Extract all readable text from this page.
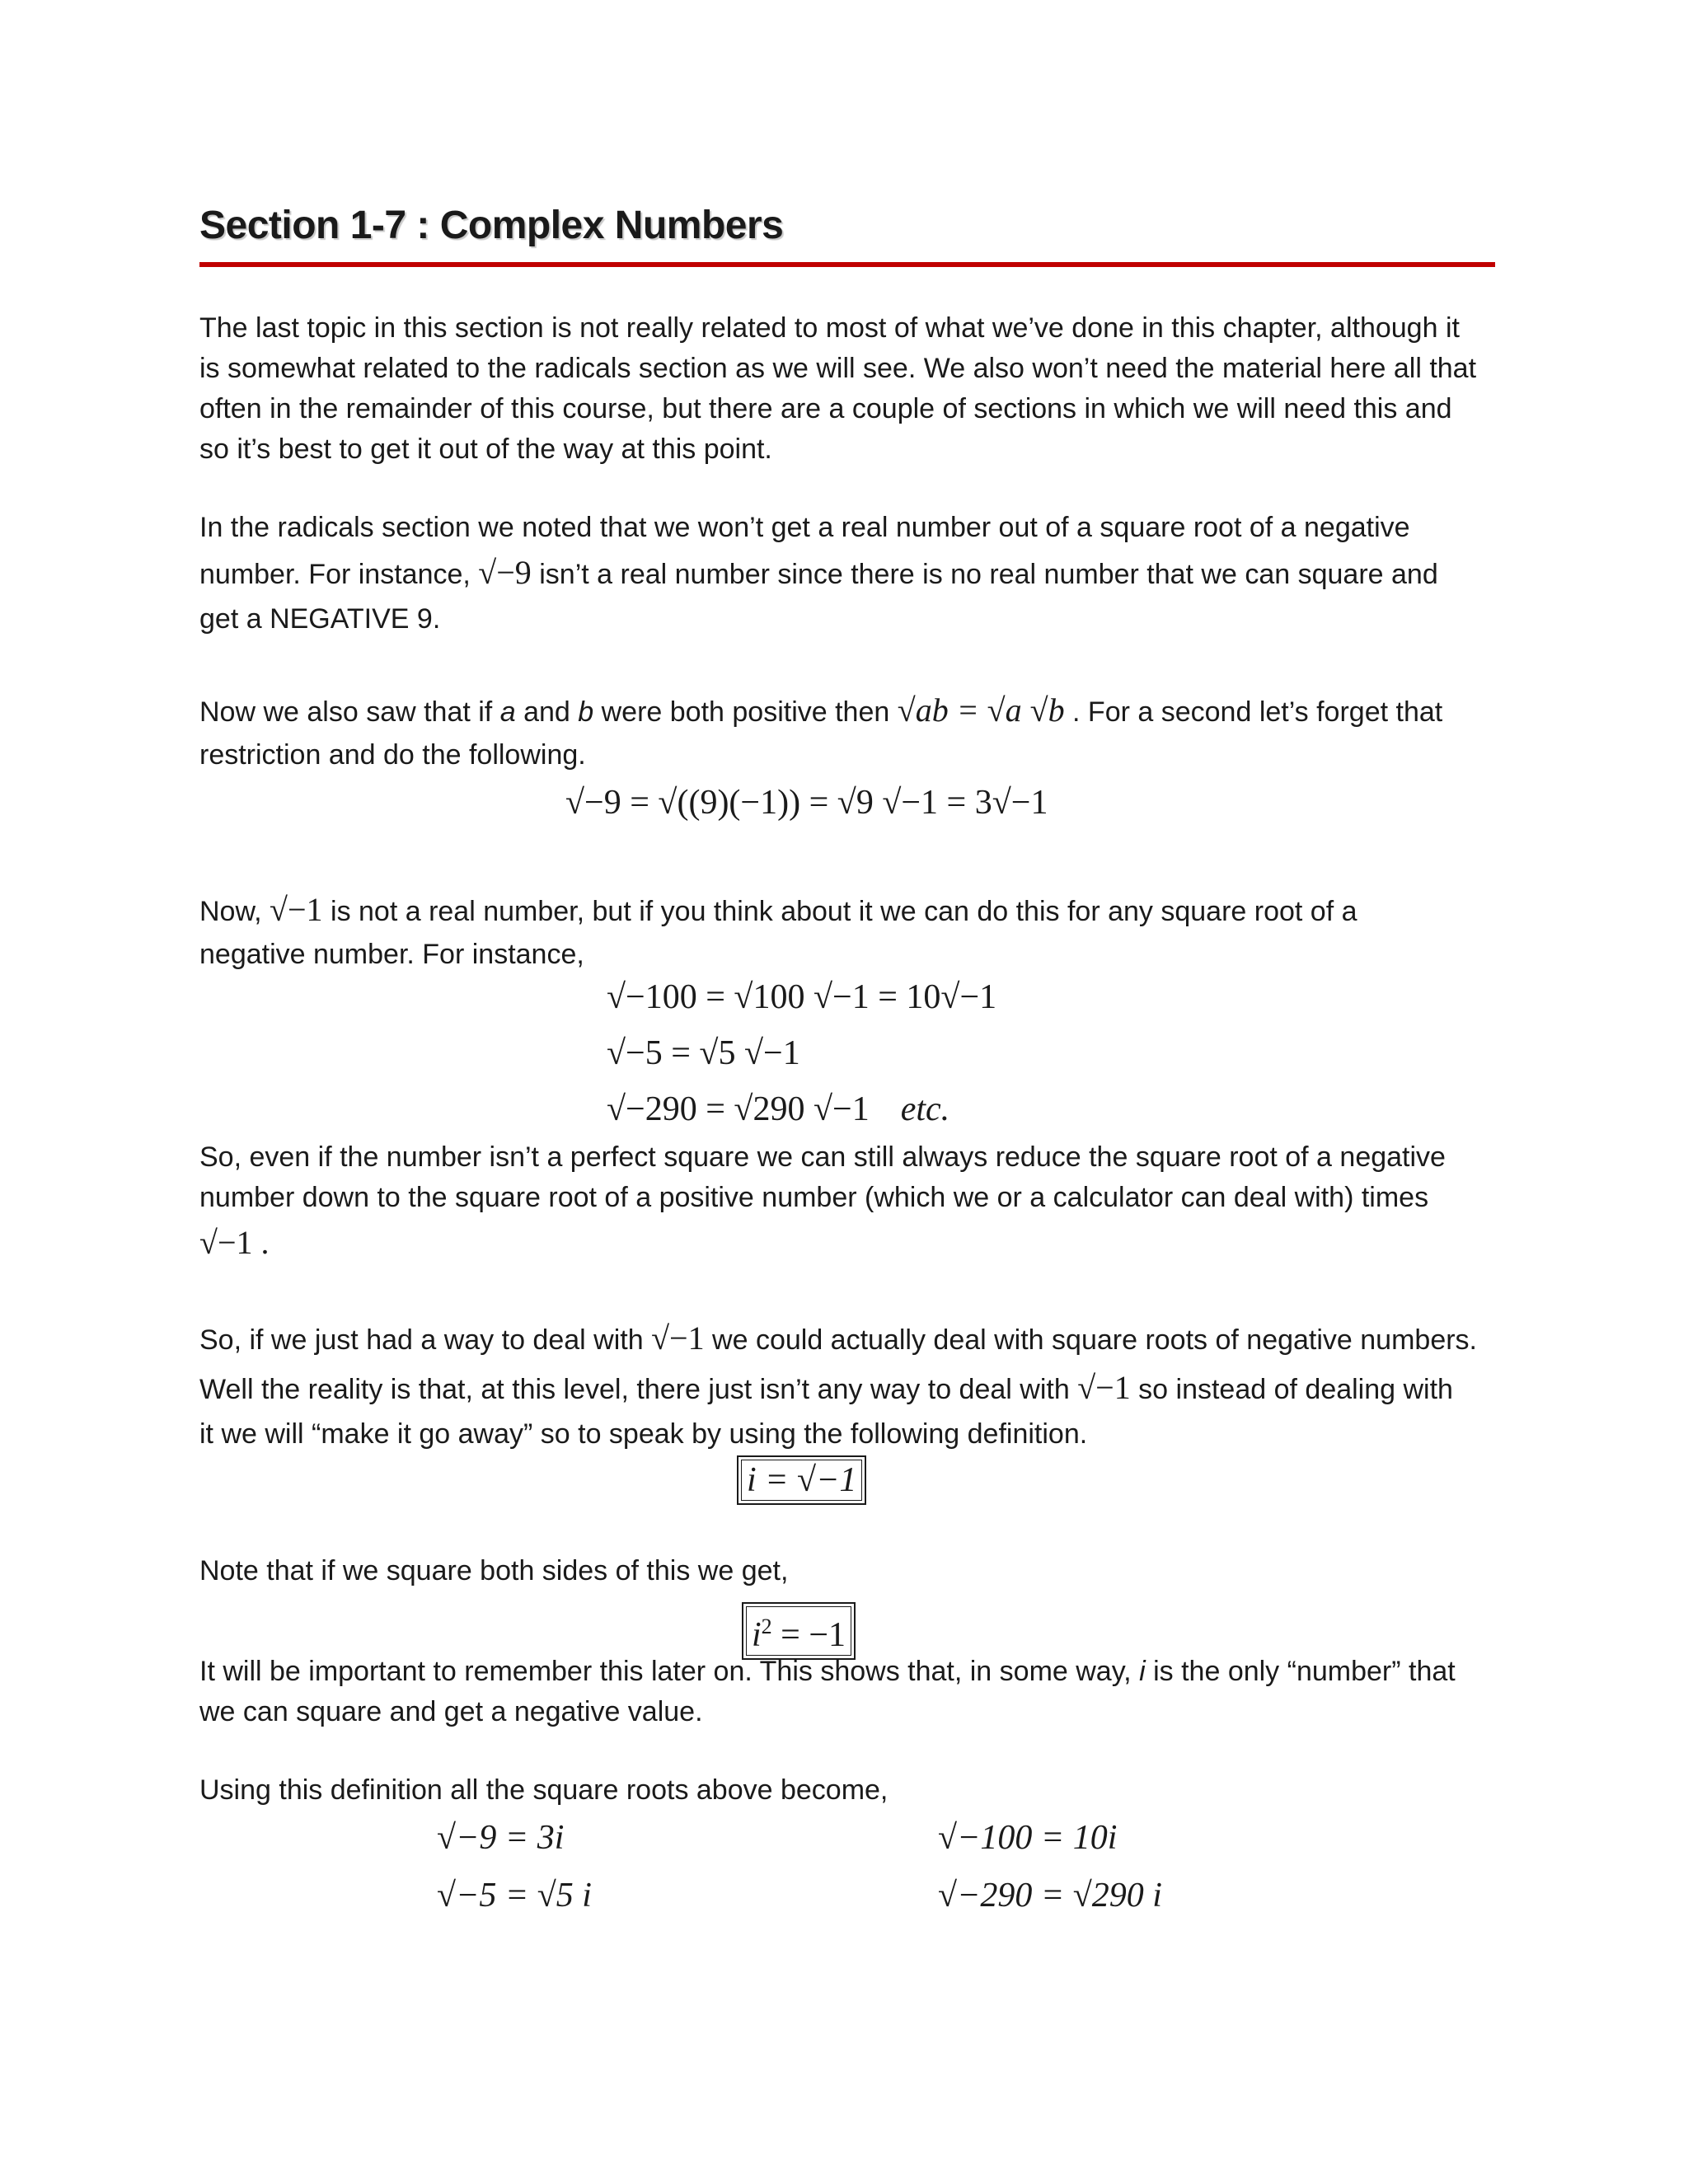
Section 1-7 : Complex Numbers
The last topic in this section is not really related to most of what we’ve done in this chapter, although it
is somewhat related to the radicals section as we will see. We also won’t need the material here all that
often in the remainder of this course, but there are a couple of sections in which we will need this and
so it’s best to get it out of the way at this point.
In the radicals section we noted that we won’t get a real number out of a square root of a negative
number. For instance, √−9 isn’t a real number since there is no real number that we can square and
get a NEGATIVE 9.
Now we also saw that if a and b were both positive then √ab = √a √b . For a second let’s forget that
restriction and do the following.
√−9 = √((9)(−1)) = √9 √−1 = 3√−1
Now, √−1 is not a real number, but if you think about it we can do this for any square root of a
negative number. For instance,
√−100 = √100 √−1 = 10√−1
√−5 = √5 √−1
√−290 = √290 √−1 etc.
So, even if the number isn’t a perfect square we can still always reduce the square root of a negative
number down to the square root of a positive number (which we or a calculator can deal with) times
√−1 .
So, if we just had a way to deal with √−1 we could actually deal with square roots of negative numbers.
Well the reality is that, at this level, there just isn’t any way to deal with √−1 so instead of dealing with
it we will “make it go away” so to speak by using the following definition.
i = √−1
Note that if we square both sides of this we get,
$i^2 = -1$
It will be important to remember this later on. This shows that, in some way, i is the only “number” that
we can square and get a negative value.
Using this definition all the square roots above become,
√−9 = 3i	√−100 = 10i
√−5 = √5 i	√−290 = √290 i
